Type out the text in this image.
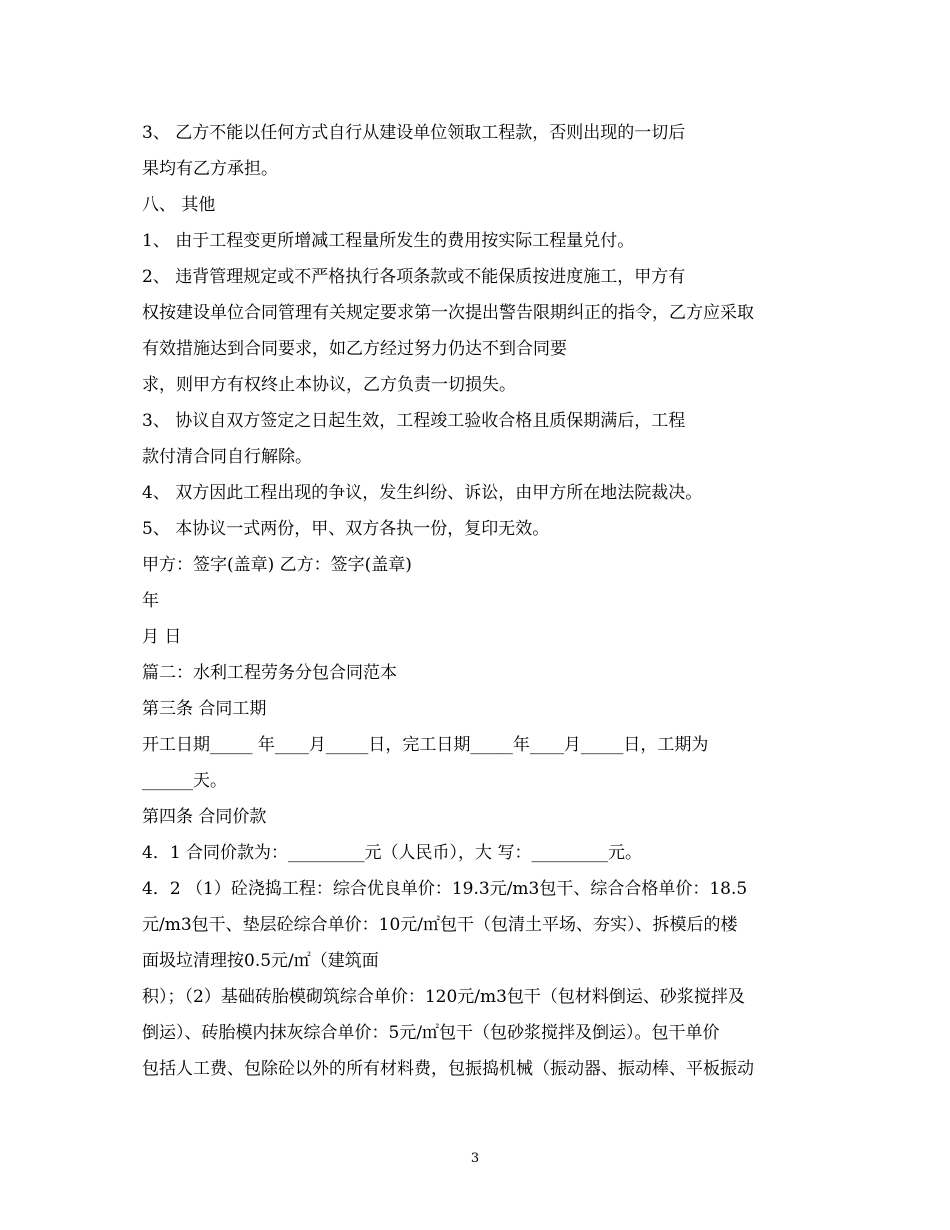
3、 乙方不能以任何方式自行从建设单位领取工程款，否则出现的一切后
果均有乙方承担。
八、 其他
1、 由于工程变更所增减工程量所发生的费用按实际工程量兑付。
2、 违背管理规定或不严格执行各项条款或不能保质按进度施工，甲方有
权按建设单位合同管理有关规定要求第一次提出警告限期纠正的指令，乙方应采取
有效措施达到合同要求，如乙方经过努力仍达不到合同要
求，则甲方有权终止本协议，乙方负责一切损失。
3、 协议自双方签定之日起生效，工程竣工验收合格且质保期满后，工程
款付清合同自行解除。
4、 双方因此工程出现的争议，发生纠纷、诉讼，由甲方所在地法院裁决。
5、 本协议一式两份，甲、双方各执一份，复印无效。
甲方：签字(盖章) 乙方：签字(盖章)
年
月 日
篇二：水利工程劳务分包合同范本
第三条 合同工期
开工日期_____ 年____月_____日，完工日期_____年____月_____日，工期为
______天。
第四条 合同价款
4．1 合同价款为：_________元（人民币），大 写：_________元。
4．2 （1）砼浇捣工程：综合优良单价：19.3元/m3包干、综合合格单价：18.5
元/m3包干、垫层砼综合单价：10元/㎡包干（包清土平场、夯实）、拆模后的楼
面圾垃清理按0.5元/㎡（建筑面
积）；（2）基础砖胎模砌筑综合单价：120元/m3包干（包材料倒运、砂浆搅拌及
倒运）、砖胎模内抹灰综合单价：5元/㎡包干（包砂浆搅拌及倒运）。包干单价
包括人工费、包除砼以外的所有材料费，包振捣机械（振动器、振动棒、平板振动
3
